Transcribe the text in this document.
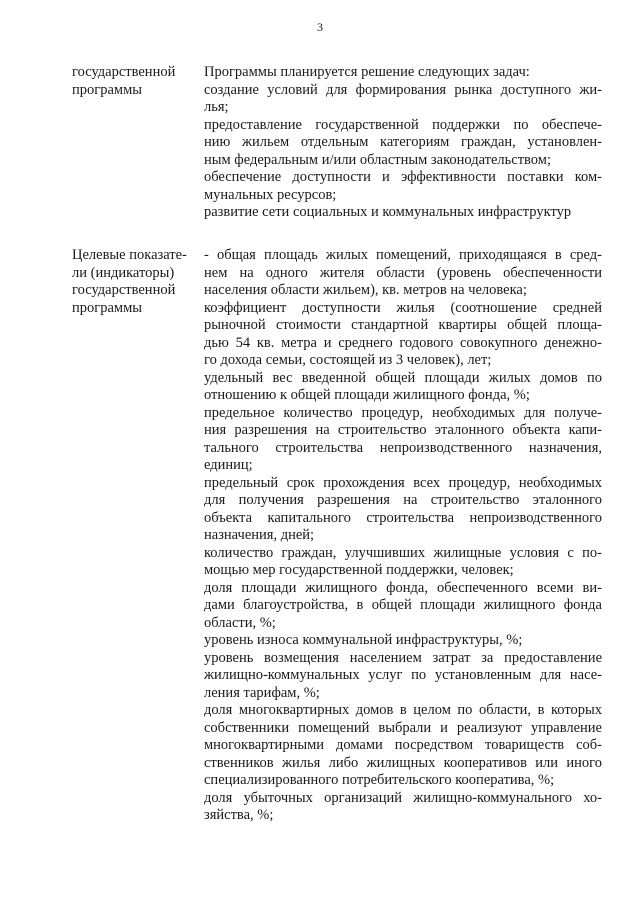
3
государственной
программы
Программы планируется решение следующих задач:
создание условий для формирования рынка доступного жи-
лья;
предоставление государственной поддержки по обеспече-
нию жильем отдельным категориям граждан, установлен-
ным федеральным и/или областным законодательством;
обеспечение доступности и эффективности поставки ком-
мунальных ресурсов;
развитие сети социальных и коммунальных инфраструктур
Целевые показате-
ли (индикаторы)
государственной
программы
- общая площадь жилых помещений, приходящаяся в сред-
нем на одного жителя области (уровень обеспеченности
населения области жильем), кв. метров на человека;
коэффициент доступности жилья (соотношение средней
рыночной стоимости стандартной квартиры общей площа-
дью 54 кв. метра и среднего годового совокупного денежно-
го дохода семьи, состоящей из 3 человек), лет;
удельный вес введенной общей площади жилых домов по
отношению к общей площади жилищного фонда, %;
предельное количество процедур, необходимых для получе-
ния разрешения на строительство эталонного объекта капи-
тального строительства непроизводственного назначения,
единиц;
предельный срок прохождения всех процедур, необходимых
для получения разрешения на строительство эталонного
объекта капитального строительства непроизводственного
назначения, дней;
количество граждан, улучшивших жилищные условия с по-
мощью мер государственной поддержки, человек;
доля площади жилищного фонда, обеспеченного всеми ви-
дами благоустройства, в общей площади жилищного фонда
области, %;
уровень износа коммунальной инфраструктуры, %;
уровень возмещения населением затрат за предоставление
жилищно-коммунальных услуг по установленным для насе-
ления тарифам, %;
доля многоквартирных домов в целом по области, в которых
собственники помещений выбрали и реализуют управление
многоквартирными домами посредством товариществ соб-
ственников жилья либо жилищных кооперативов или иного
специализированного потребительского кооператива, %;
доля убыточных организаций жилищно-коммунального хо-
зяйства, %;
